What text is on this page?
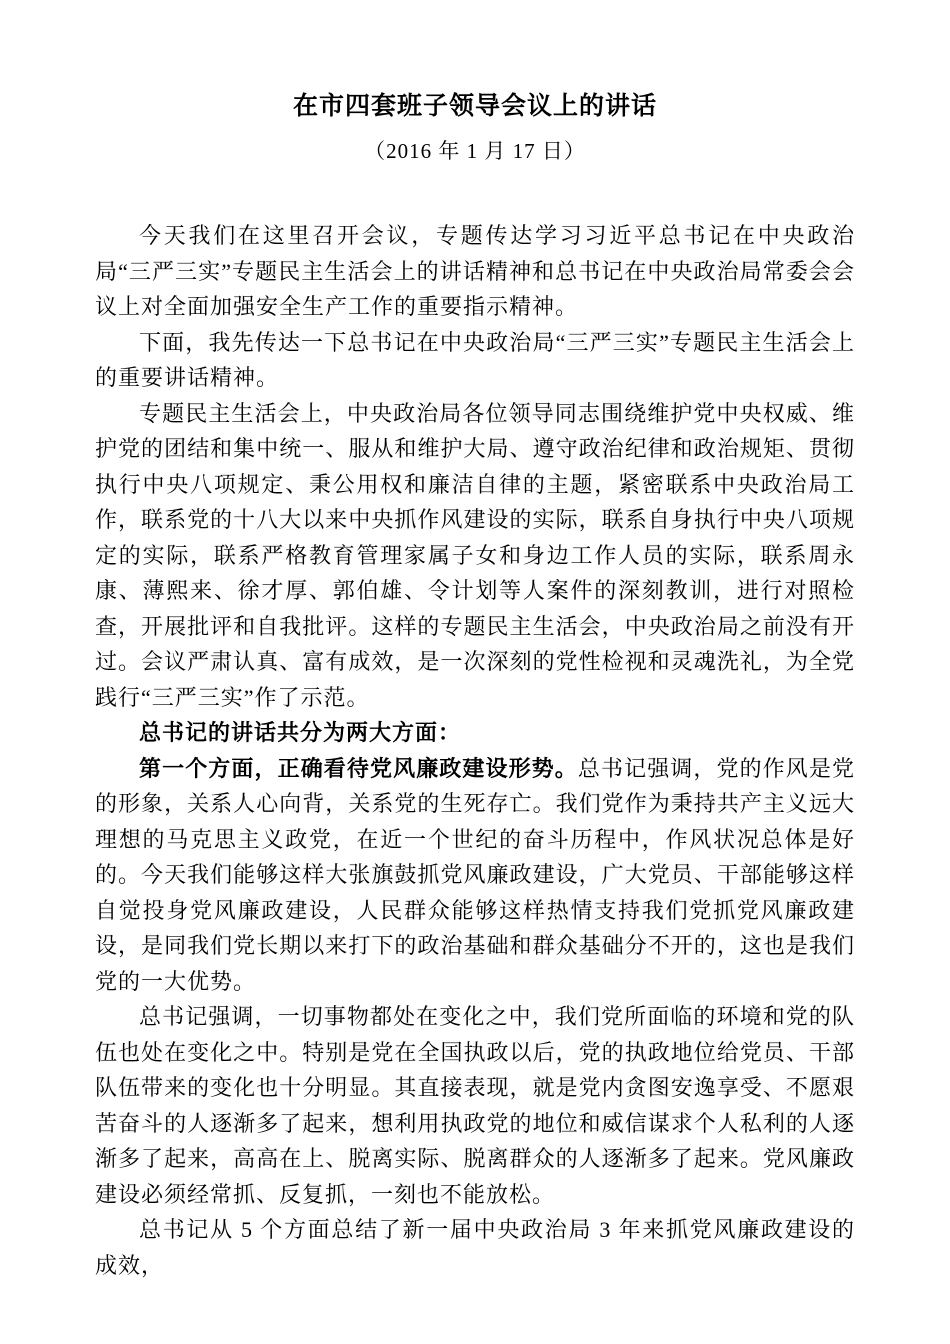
在市四套班子领导会议上的讲话
（2016 年 1 月 17 日）

今天我们在这里召开会议，专题传达学习习近平总书记在中央政治局“三严三实”专题民主生活会上的讲话精神和总书记在中央政治局常委会会议上对全面加强安全生产工作的重要指示精神。

下面，我先传达一下总书记在中央政治局“三严三实”专题民主生活会上的重要讲话精神。

专题民主生活会上，中央政治局各位领导同志围绕维护党中央权威、维护党的团结和集中统一、服从和维护大局、遵守政治纪律和政治规矩、贯彻执行中央八项规定、秉公用权和廉洁自律的主题，紧密联系中央政治局工作，联系党的十八大以来中央抓作风建设的实际，联系自身执行中央八项规定的实际，联系严格教育管理家属子女和身边工作人员的实际，联系周永康、薄熙来、徐才厚、郭伯雄、令计划等人案件的深刻教训，进行对照检查，开展批评和自我批评。这样的专题民主生活会，中央政治局之前没有开过。会议严肃认真、富有成效，是一次深刻的党性检视和灵魂洗礼，为全党践行“三严三实”作了示范。

总书记的讲话共分为两大方面：

第一个方面，正确看待党风廉政建设形势。总书记强调，党的作风是党的形象，关系人心向背，关系党的生死存亡。我们党作为秉持共产主义远大理想的马克思主义政党，在近一个世纪的奋斗历程中，作风状况总体是好的。今天我们能够这样大张旗鼓抓党风廉政建设，广大党员、干部能够这样自觉投身党风廉政建设，人民群众能够这样热情支持我们党抓党风廉政建设，是同我们党长期以来打下的政治基础和群众基础分不开的，这也是我们党的一大优势。

总书记强调，一切事物都处在变化之中，我们党所面临的环境和党的队伍也处在变化之中。特别是党在全国执政以后，党的执政地位给党员、干部队伍带来的变化也十分明显。其直接表现，就是党内贪图安逸享受、不愿艰苦奋斗的人逐渐多了起来，想利用执政党的地位和威信谋求个人私利的人逐渐多了起来，高高在上、脱离实际、脱离群众的人逐渐多了起来。党风廉政建设必须经常抓、反复抓，一刻也不能放松。

总书记从 5 个方面总结了新一届中央政治局 3 年来抓党风廉政建设的成效，
